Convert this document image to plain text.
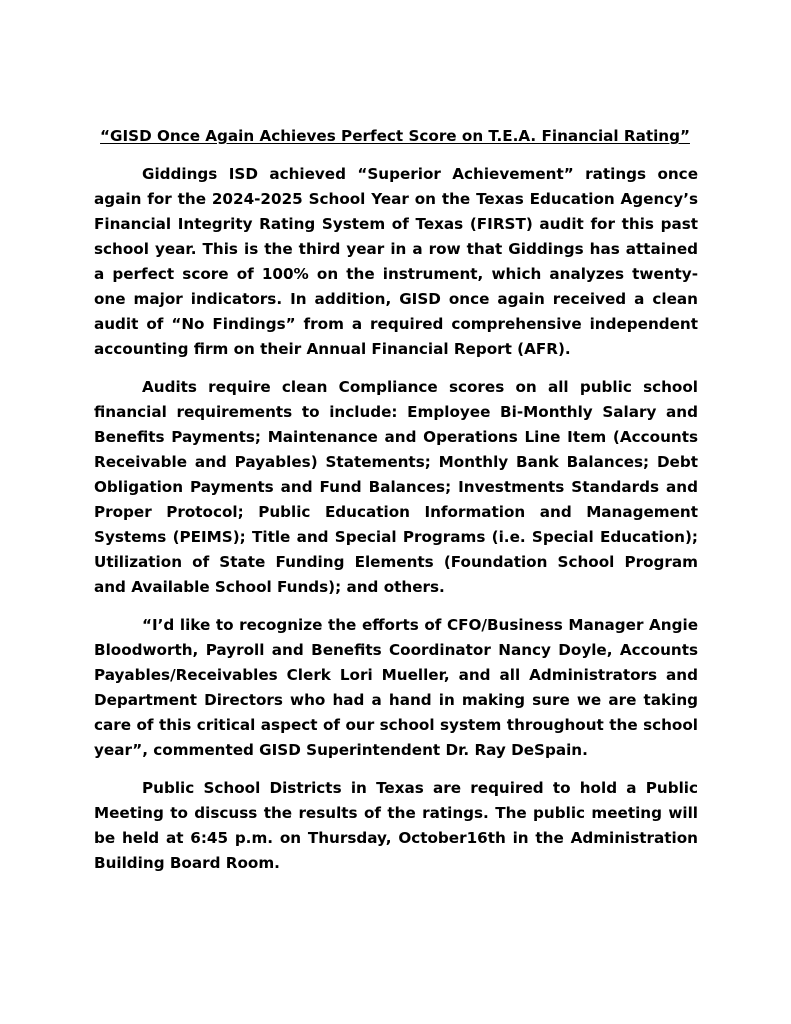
“GISD Once Again Achieves Perfect Score on T.E.A. Financial Rating”

Giddings ISD achieved “Superior Achievement” ratings once again for the 2024-2025 School Year on the Texas Education Agency’s Financial Integrity Rating System of Texas (FIRST) audit for this past school year. This is the third year in a row that Giddings has attained a perfect score of 100% on the instrument, which analyzes twenty-one major indicators. In addition, GISD once again received a clean audit of “No Findings” from a required comprehensive independent accounting firm on their Annual Financial Report (AFR).

Audits require clean Compliance scores on all public school financial requirements to include: Employee Bi-Monthly Salary and Benefits Payments; Maintenance and Operations Line Item (Accounts Receivable and Payables) Statements; Monthly Bank Balances; Debt Obligation Payments and Fund Balances; Investments Standards and Proper Protocol; Public Education Information and Management Systems (PEIMS); Title and Special Programs (i.e. Special Education); Utilization of State Funding Elements (Foundation School Program and Available School Funds); and others.

“I’d like to recognize the efforts of CFO/Business Manager Angie Bloodworth, Payroll and Benefits Coordinator Nancy Doyle, Accounts Payables/Receivables Clerk Lori Mueller, and all Administrators and Department Directors who had a hand in making sure we are taking care of this critical aspect of our school system throughout the school year”, commented GISD Superintendent Dr. Ray DeSpain.

Public School Districts in Texas are required to hold a Public Meeting to discuss the results of the ratings. The public meeting will be held at 6:45 p.m. on Thursday, October16th in the Administration Building Board Room.
